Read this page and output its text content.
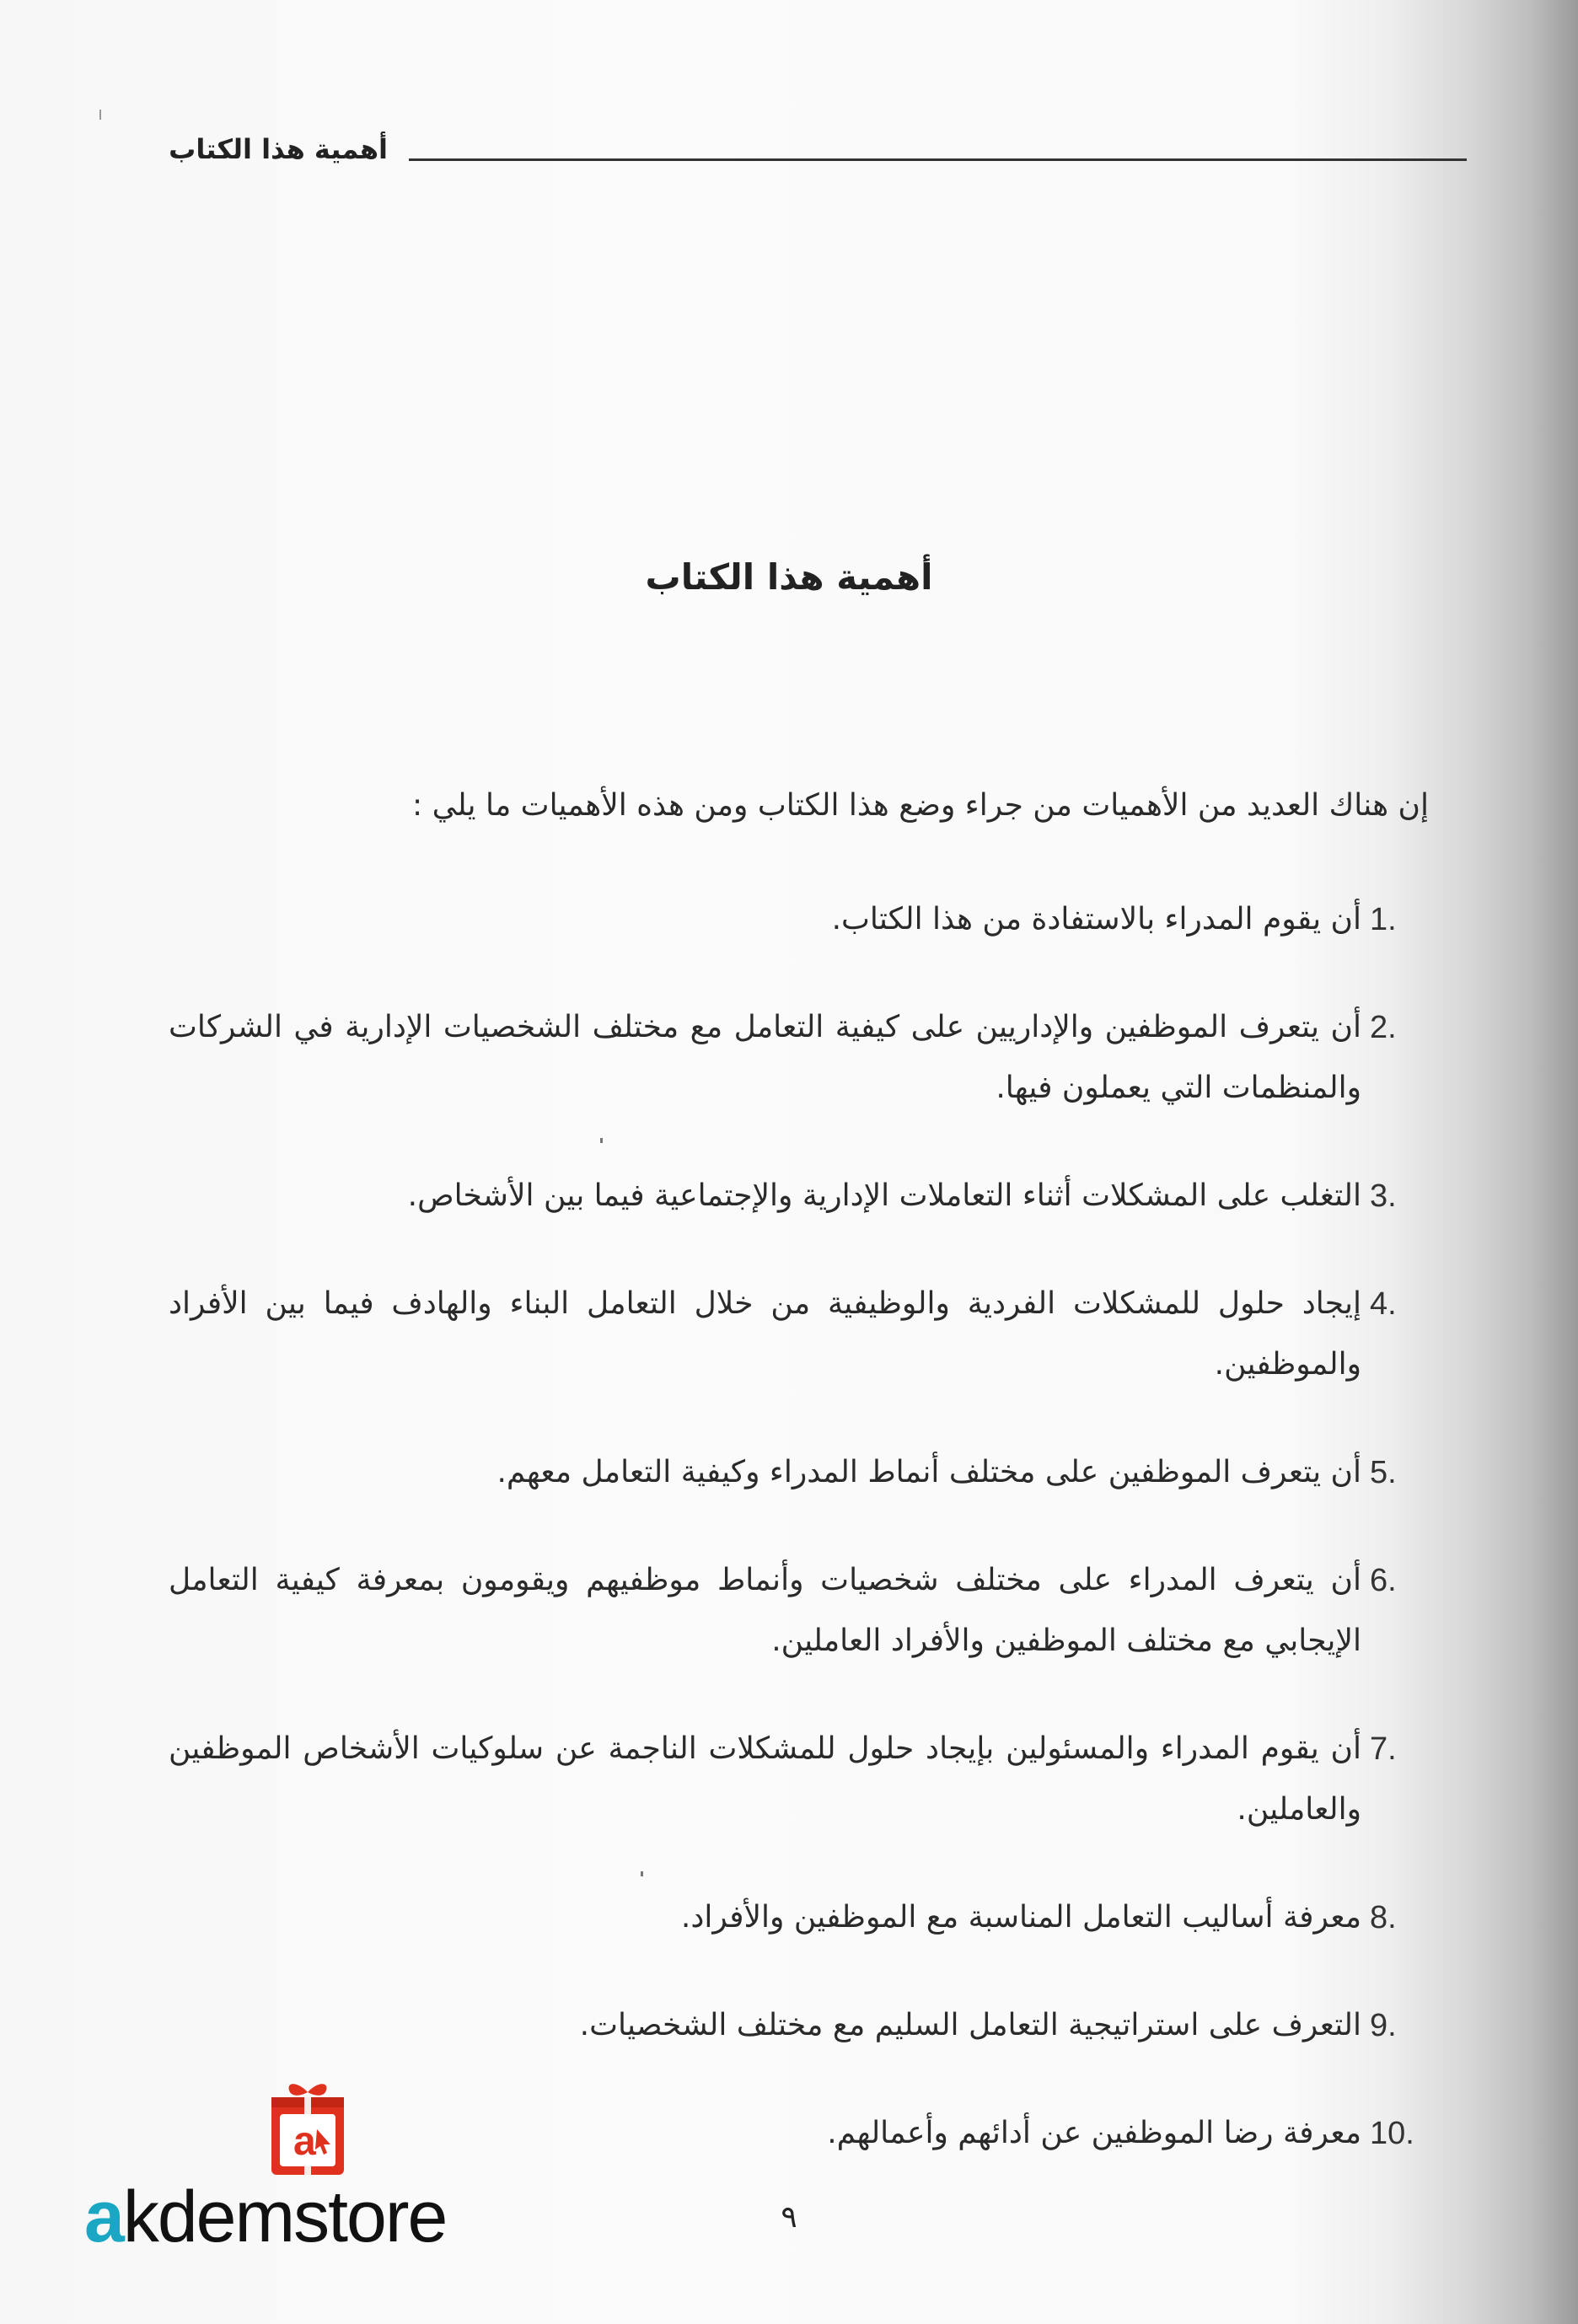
أهمية هذا الكتاب
أهمية هذا الكتاب
إن هناك العديد من الأهميات من جراء وضع هذا الكتاب ومن هذه الأهميات ما يلي :
1.
أن يقوم المدراء بالاستفادة من هذا الكتاب.
2.
أن يتعرف الموظفين والإداريين على كيفية التعامل مع مختلف الشخصيات الإدارية في الشركات والمنظمات التي يعملون فيها.
3.
التغلب على المشكلات أثناء التعاملات الإدارية والإجتماعية فيما بين الأشخاص.
4.
إيجاد حلول للمشكلات الفردية والوظيفية من خلال التعامل البناء والهادف فيما بين الأفراد والموظفين.
5.
أن يتعرف الموظفين على مختلف أنماط المدراء وكيفية التعامل معهم.
6.
أن يتعرف المدراء على مختلف شخصيات وأنماط موظفيهم ويقومون بمعرفة كيفية التعامل الإيجابي مع مختلف الموظفين والأفراد العاملين.
7.
أن يقوم المدراء والمسئولين بإيجاد حلول للمشكلات الناجمة عن سلوكيات الأشخاص الموظفين والعاملين.
8.
معرفة أساليب التعامل المناسبة مع الموظفين والأفراد.
9.
التعرف على استراتيجية التعامل السليم مع مختلف الشخصيات.
10.
معرفة رضا الموظفين عن أدائهم وأعمالهم.
٩
a
akdemstore
